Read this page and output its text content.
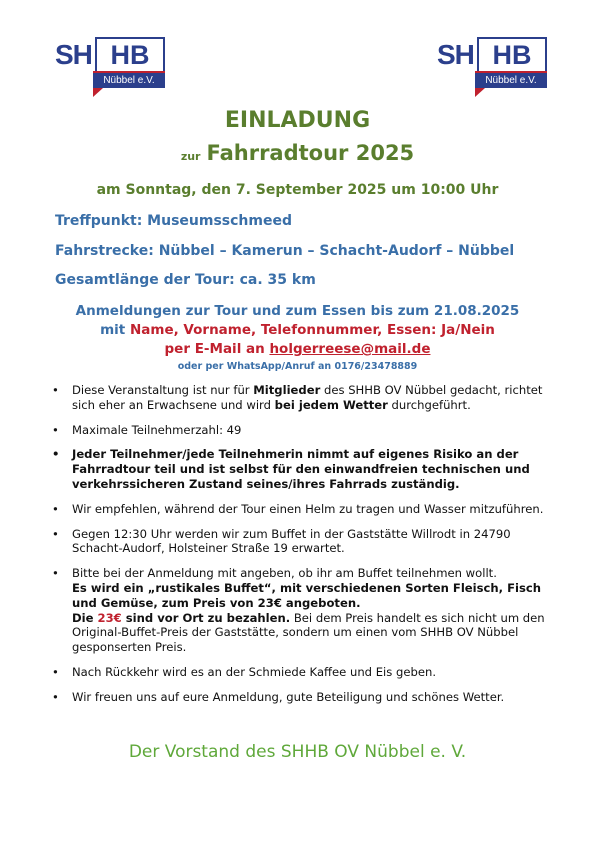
SH HB
Nübbel e.V.
SH HB
Nübbel e.V.
EINLADUNG
zur Fahrradtour 2025
am Sonntag, den 7. September 2025 um 10:00 Uhr
Treffpunkt: Museumsschmeed
Fahrstrecke: Nübbel – Kamerun – Schacht-Audorf – Nübbel
Gesamtlänge der Tour: ca. 35 km
Anmeldungen zur Tour und zum Essen bis zum 21.08.2025
mit Name, Vorname, Telefonnummer, Essen: Ja/Nein
per E-Mail an holgerreese@mail.de
oder per WhatsApp/Anruf an 0176/23478889
• Diese Veranstaltung ist nur für Mitglieder des SHHB OV Nübbel gedacht, richtet sich eher an Erwachsene und wird bei jedem Wetter durchgeführt.
• Maximale Teilnehmerzahl: 49
• Jeder Teilnehmer/jede Teilnehmerin nimmt auf eigenes Risiko an der Fahrradtour teil und ist selbst für den einwandfreien technischen und verkehrssicheren Zustand seines/ihres Fahrrads zuständig.
• Wir empfehlen, während der Tour einen Helm zu tragen und Wasser mitzuführen.
• Gegen 12:30 Uhr werden wir zum Buffet in der Gaststätte Willrodt in 24790 Schacht-Audorf, Holsteiner Straße 19 erwartet.
• Bitte bei der Anmeldung mit angeben, ob ihr am Buffet teilnehmen wollt.
Es wird ein „rustikales Buffet“, mit verschiedenen Sorten Fleisch, Fisch und Gemüse, zum Preis von 23€ angeboten.
Die 23€ sind vor Ort zu bezahlen. Bei dem Preis handelt es sich nicht um den Original-Buffet-Preis der Gaststätte, sondern um einen vom SHHB OV Nübbel gesponserten Preis.
• Nach Rückkehr wird es an der Schmiede Kaffee und Eis geben.
• Wir freuen uns auf eure Anmeldung, gute Beteiligung und schönes Wetter.
Der Vorstand des SHHB OV Nübbel e. V.
